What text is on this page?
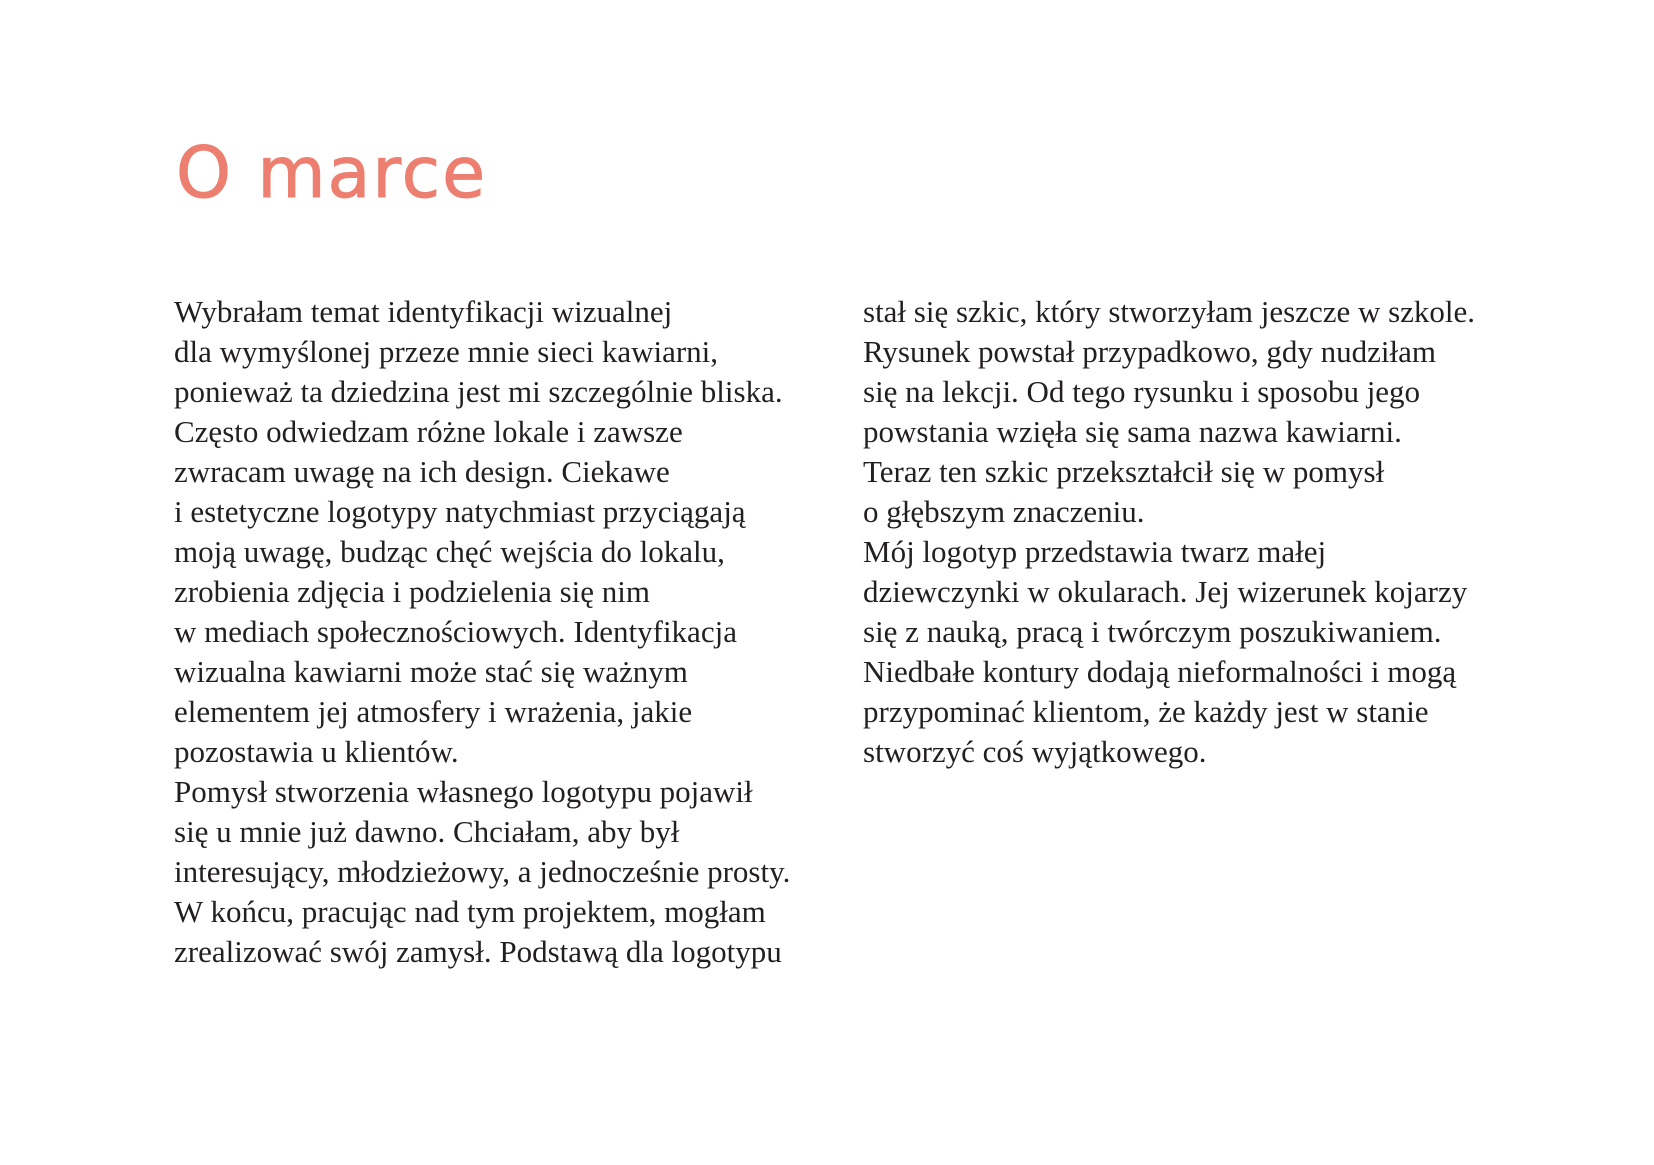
O marce
Wybrałam temat identyfikacji wizualnej
dla wymyślonej przeze mnie sieci kawiarni,
ponieważ ta dziedzina jest mi szczególnie bliska.
Często odwiedzam różne lokale i zawsze
zwracam uwagę na ich design. Ciekawe
i estetyczne logotypy natychmiast przyciągają
moją uwagę, budząc chęć wejścia do lokalu,
zrobienia zdjęcia i podzielenia się nim
w mediach społecznościowych. Identyfikacja
wizualna kawiarni może stać się ważnym
elementem jej atmosfery i wrażenia, jakie
pozostawia u klientów.
Pomysł stworzenia własnego logotypu pojawił
się u mnie już dawno. Chciałam, aby był
interesujący, młodzieżowy, a jednocześnie prosty.
W końcu, pracując nad tym projektem, mogłam
zrealizować swój zamysł. Podstawą dla logotypu
stał się szkic, który stworzyłam jeszcze w szkole.
Rysunek powstał przypadkowo, gdy nudziłam
się na lekcji. Od tego rysunku i sposobu jego
powstania wzięła się sama nazwa kawiarni.
Teraz ten szkic przekształcił się w pomysł
o głębszym znaczeniu.
Mój logotyp przedstawia twarz małej
dziewczynki w okularach. Jej wizerunek kojarzy
się z nauką, pracą i twórczym poszukiwaniem.
Niedbałe kontury dodają nieformalności i mogą
przypominać klientom, że każdy jest w stanie
stworzyć coś wyjątkowego.
